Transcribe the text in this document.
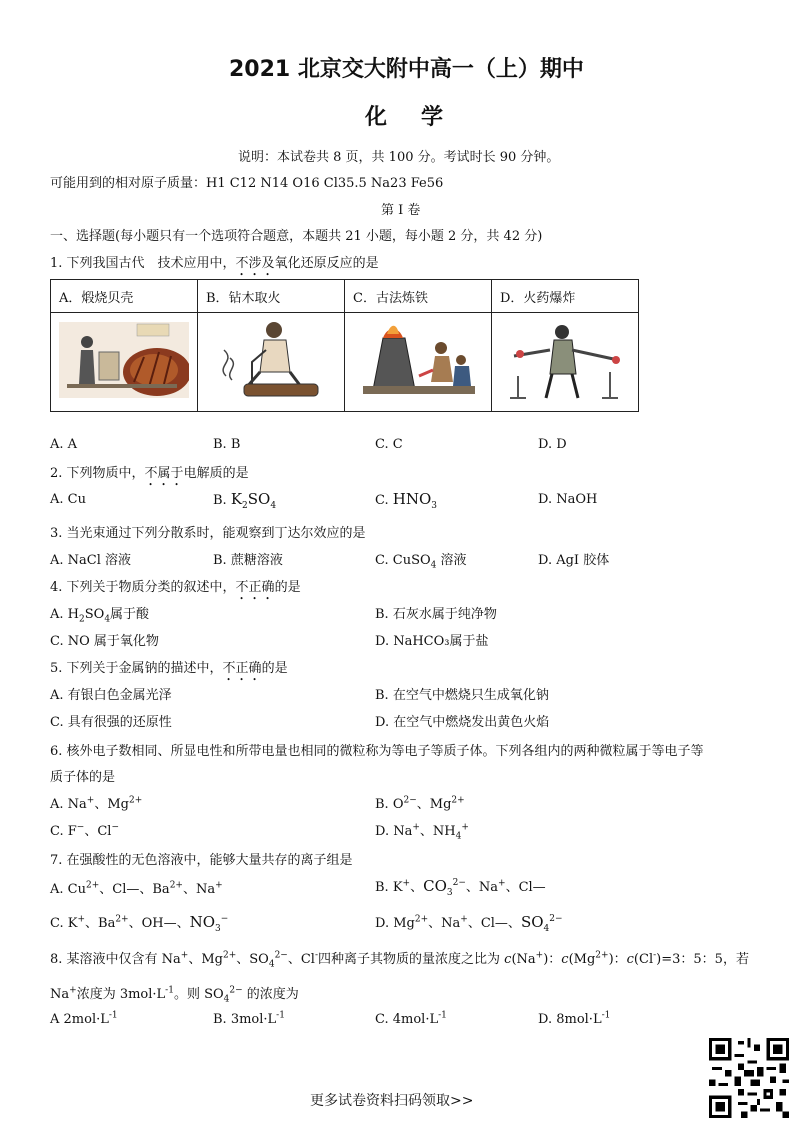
2021 北京交大附中高一（上）期中
化学
说明：本试卷共 8 页，共 100 分。考试时长 90 分钟。
可能用到的相对原子质量：H1 C12 N14 O16 Cl35.5 Na23 Fe56
第 I 卷
一、选择题(每小题只有一个选项符合题意，本题共 21 小题，每小题 2 分，共 42 分)
1. 下列我国古代　技术应用中，不涉及氧化还原反应的是
A．煅烧贝壳	B．钻木取火	C．古法炼铁	D．火药爆炸

A. A	B. B	C. C	D. D
2. 下列物质中，不属于电解质的是
A. Cu	B. $K_2SO_4$	C. $HNO_3$	D. NaOH
3. 当光束通过下列分散系时，能观察到丁达尔效应的是
A. NaCl 溶液	B. 蔗糖溶液	C. CuSO$_4$ 溶液	D. AgI 胶体
4. 下列关于物质分类的叙述中，不正确的是
A. $H_2SO_4$属于酸	B. 石灰水属于纯净物
C. NO 属于氧化物	D. NaHCO₃属于盐
5. 下列关于金属钠的描述中，不正确的是
A. 有银白色金属光泽	B. 在空气中燃烧只生成氧化钠
C. 具有很强的还原性	D. 在空气中燃烧发出黄色火焰
6. 核外电子数相同、所显电性和所带电量也相同的微粒称为等电子等质子体。下列各组内的两种微粒属于等电子等
质子体的是
A. Na+、$Mg^{2+}$	B. $O^{2-}$、$Mg^{2+}$
C. F−、Cl−	D. Na+、$NH_4^+$
7. 在强酸性的无色溶液中，能够大量共存的离子组是
A. $Cu^{2+}$、Cl—、$Ba^{2+}$、Na+	B. K+、$CO_3^{2-}$、Na+、Cl—
C. K+、$Ba^{2+}$、OH—、$NO_3^-$	D. $Mg^{2+}$、Na+、Cl—、$SO_4^{2-}$
8. 某溶液中仅含有 Na+、$Mg^{2+}$、$SO_4^{2-}$、Cl-四种离子其物质的量浓度之比为 c(Na+)：$c(Mg^{2+})$：c(Cl-)=3：5：5，若
Na+浓度为 $3mol\cdot L^{-1}$。则 $SO_4^{2-}$ 的浓度为
A $2mol\cdot L^{-1}$	B. $3mol\cdot L^{-1}$	C. $4mol\cdot L^{-1}$	D. $8mol\cdot L^{-1}$
更多试卷资料扫码领取>>
